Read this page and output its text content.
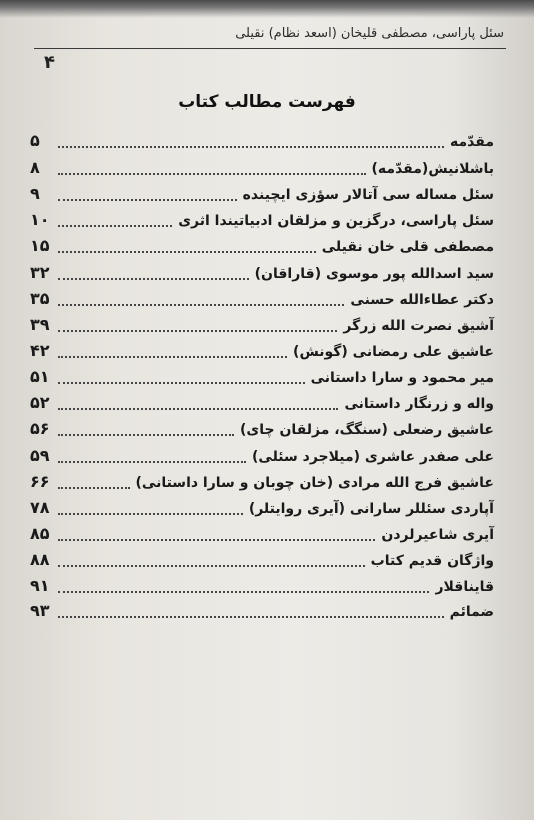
سئل پاراسی، مصطفی قلیخان (اسعد نظام) نقیلی
۴
فهرست مطالب کتاب
۵	مقدّمه
۸	باشلانیش(مقدّمه)
۹	سئل مساله سی آتالار سؤزی ایچینده
۱۰	سئل پاراسی، درگزین و مزلقان ادبیاتیندا اثری
۱۵	مصطفی قلی خان نقیلی
۳۲	سید اسدالله پور موسوی (قاراقان)
۳۵	دکتر عطاءالله حسنی
۳۹	آشیق نصرت الله زرگر
۴۲	عاشیق علی رمضانی (گونش)
۵۱	میر محمود و سارا داستانی
۵۲	واله و زرنگار داستانی
۵۶	عاشیق رضعلی (سنگگ، مزلقان چای)
۵۹	علی صفدر عاشری (میلاجرد سئلی)
۶۶	عاشیق فرج الله مرادی (خان چوبان و سارا داستانی)
۷۸	آپاردی سئللر سارانی (آیری روایتلر)
۸۵	آیری شاعیرلردن
۸۸	واژگان قدیم کتاب
۹۱	قایناقلار
۹۳	ضمائم
